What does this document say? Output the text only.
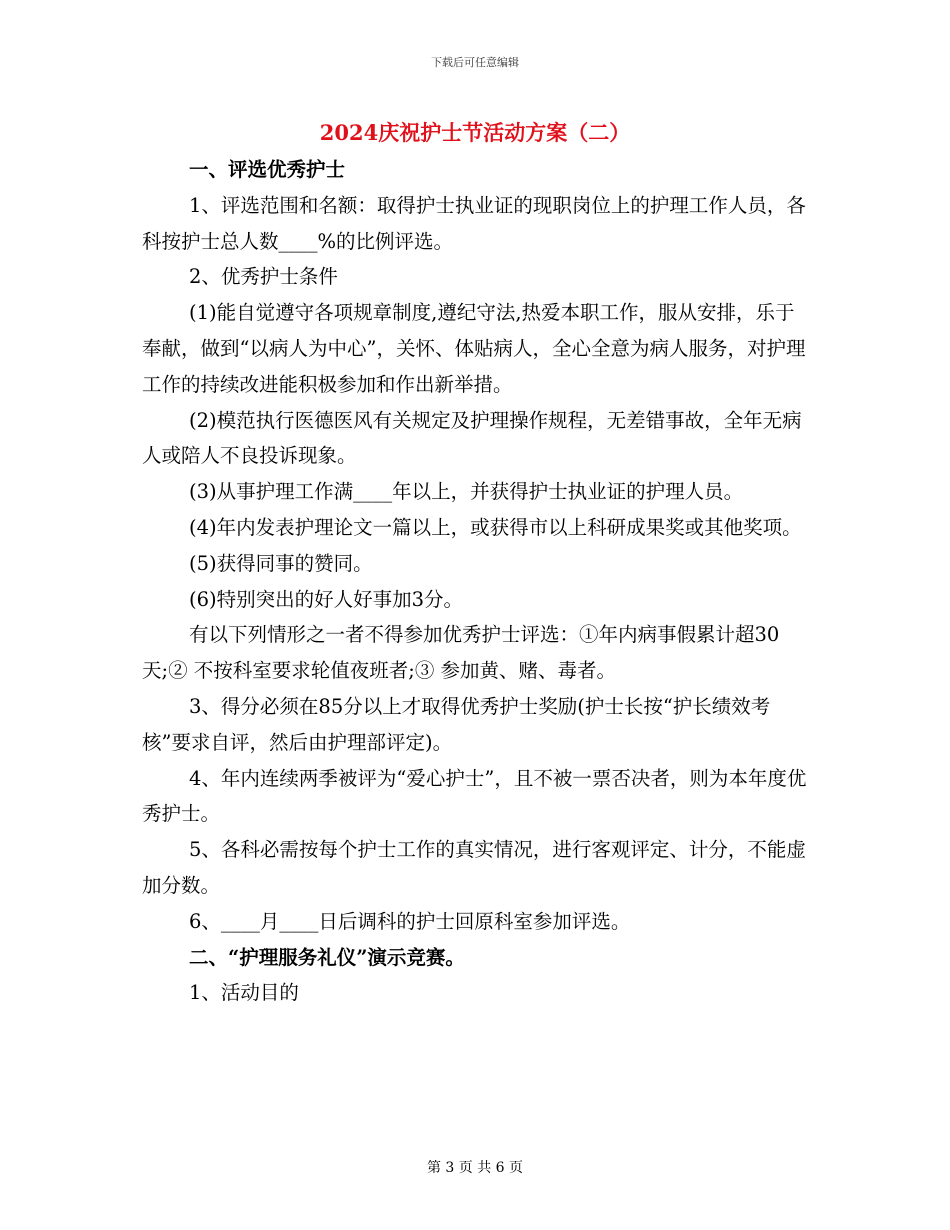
下载后可任意编辑
2024庆祝护士节活动方案（二）

一、评选优秀护士

1、评选范围和名额：取得护士执业证的现职岗位上的护理工作人员，各科按护士总人数____%的比例评选。

2、优秀护士条件

(1)能自觉遵守各项规章制度,遵纪守法,热爱本职工作，服从安排，乐于奉献，做到“以病人为中心”，关怀、体贴病人，全心全意为病人服务，对护理工作的持续改进能积极参加和作出新举措。

(2)模范执行医德医风有关规定及护理操作规程，无差错事故，全年无病人或陪人不良投诉现象。

(3)从事护理工作满____年以上，并获得护士执业证的护理人员。

(4)年内发表护理论文一篇以上，或获得市以上科研成果奖或其他奖项。

(5)获得同事的赞同。

(6)特别突出的好人好事加3分。

有以下列情形之一者不得参加优秀护士评选：①年内病事假累计超30天;② 不按科室要求轮值夜班者;③ 参加黄、赌、毒者。

3、得分必须在85分以上才取得优秀护士奖励(护士长按“护长绩效考核”要求自评，然后由护理部评定)。

4、年内连续两季被评为“爱心护士”，且不被一票否决者，则为本年度优秀护士。

5、各科必需按每个护士工作的真实情况，进行客观评定、计分，不能虚加分数。

6、____月____日后调科的护士回原科室参加评选。

二、“护理服务礼仪”演示竞赛。

1、活动目的

第 3 页 共 6 页
